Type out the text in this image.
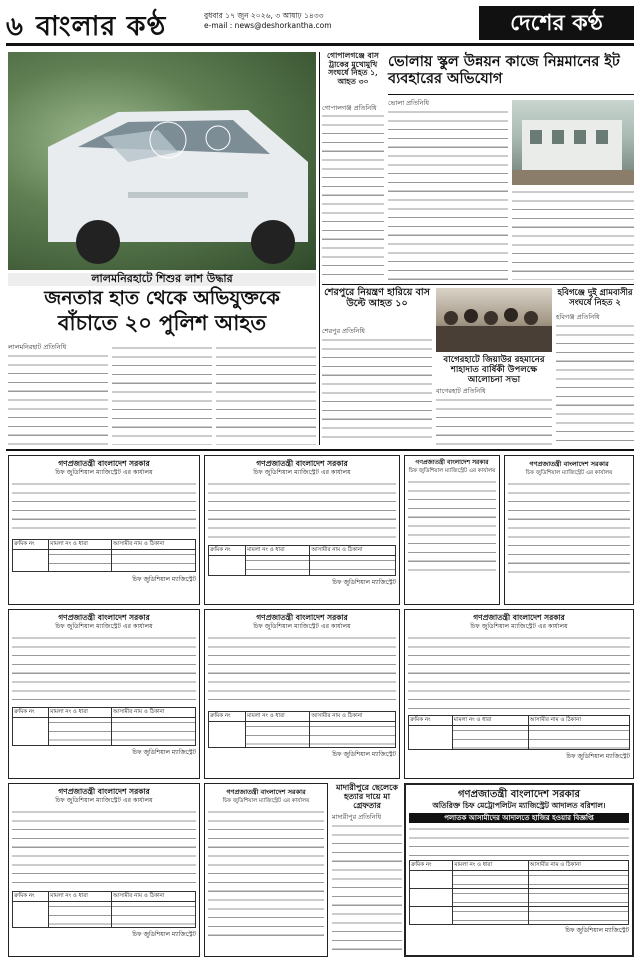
৬ বাংলার কণ্ঠ	বুধবার ১৭ জুন ২০২৬, ৩ আষাঢ় ১৪৩৩
e-mail : news@deshorkantha.com	দেশের কণ্ঠ
লালমনিরহাটে শিশুর লাশ উদ্ধার
জনতার হাত থেকে অভিযুক্তকে
বাঁচাতে ২০ পুলিশ আহত
লালমনিরহাট প্রতিনিধি
গোপালগঞ্জে বাস ট্রাকের মুখোমুখি সংঘর্ষে নিহত ১, আহত ৩০
গোপালগঞ্জ প্রতিনিধি
ভোলায় স্কুল উন্নয়ন কাজে নিম্নমানের ইট ব্যবহারের অভিযোগ
ভোলা প্রতিনিধি
শেরপুরে নিয়ন্ত্রণ হারিয়ে বাস উল্টে আহত ১০
শেরপুর প্রতিনিধি
বাগেরহাটে জিয়াউর রহমানের শাহাদাত বার্ষিকী উপলক্ষে আলোচনা সভা
বাগেরহাট প্রতিনিধি
হবিগঞ্জে দুই গ্রামবাসীর সংঘর্ষে নিহত ২
হবিগঞ্জ প্রতিনিধি
গণপ্রজাতন্ত্রী বাংলাদেশ সরকার
চিফ জুডিশিয়াল ম্যাজিস্ট্রেট এর কার্যালয়
ক্রমিক নং	মামলা নং ও ধারা	আসামীর নাম ও ঠিকানা

চিফ জুডিশিয়াল ম্যাজিস্ট্রেট
গণপ্রজাতন্ত্রী বাংলাদেশ সরকার
চিফ জুডিশিয়াল ম্যাজিস্ট্রেট এর কার্যালয়
ক্রমিক নং	মামলা নং ও ধারা	আসামীর নাম ও ঠিকানা

চিফ জুডিশিয়াল ম্যাজিস্ট্রেট
গণপ্রজাতন্ত্রী বাংলাদেশ সরকার
চিফ জুডিশিয়াল ম্যাজিস্ট্রেট এর কার্যালয়
গণপ্রজাতন্ত্রী বাংলাদেশ সরকার
চিফ জুডিশিয়াল ম্যাজিস্ট্রেট এর কার্যালয়
গণপ্রজাতন্ত্রী বাংলাদেশ সরকার
চিফ জুডিশিয়াল ম্যাজিস্ট্রেট এর কার্যালয়
ক্রমিক নং	মামলা নং ও ধারা	আসামীর নাম ও ঠিকানা

চিফ জুডিশিয়াল ম্যাজিস্ট্রেট
গণপ্রজাতন্ত্রী বাংলাদেশ সরকার
চিফ জুডিশিয়াল ম্যাজিস্ট্রেট এর কার্যালয়
ক্রমিক নং	মামলা নং ও ধারা	আসামীর নাম ও ঠিকানা

চিফ জুডিশিয়াল ম্যাজিস্ট্রেট
গণপ্রজাতন্ত্রী বাংলাদেশ সরকার
চিফ জুডিশিয়াল ম্যাজিস্ট্রেট এর কার্যালয়
ক্রমিক নং	মামলা নং ও ধারা	আসামীর নাম ও ঠিকানা

চিফ জুডিশিয়াল ম্যাজিস্ট্রেট
গণপ্রজাতন্ত্রী বাংলাদেশ সরকার
চিফ জুডিশিয়াল ম্যাজিস্ট্রেট এর কার্যালয়
ক্রমিক নং	মামলা নং ও ধারা	আসামীর নাম ও ঠিকানা

চিফ জুডিশিয়াল ম্যাজিস্ট্রেট
গণপ্রজাতন্ত্রী বাংলাদেশ সরকার
চিফ জুডিশিয়াল ম্যাজিস্ট্রেট এর কার্যালয়
মাদারীপুরে ছেলেকে হত্যার দায়ে মা গ্রেফতার
মাদারীপুর প্রতিনিধি
গণপ্রজাতন্ত্রী বাংলাদেশ সরকার
অতিরিক্ত চিফ মেট্রোপলিটন ম্যাজিস্ট্রেট আদালত বরিশাল।
পলাতক আসামীদের আদালতে হাজির হওয়ার বিজ্ঞপ্তি
ক্রমিক নং	মামলা নং ও ধারা	আসামীর নাম ও ঠিকানা

চিফ জুডিশিয়াল ম্যাজিস্ট্রেট
